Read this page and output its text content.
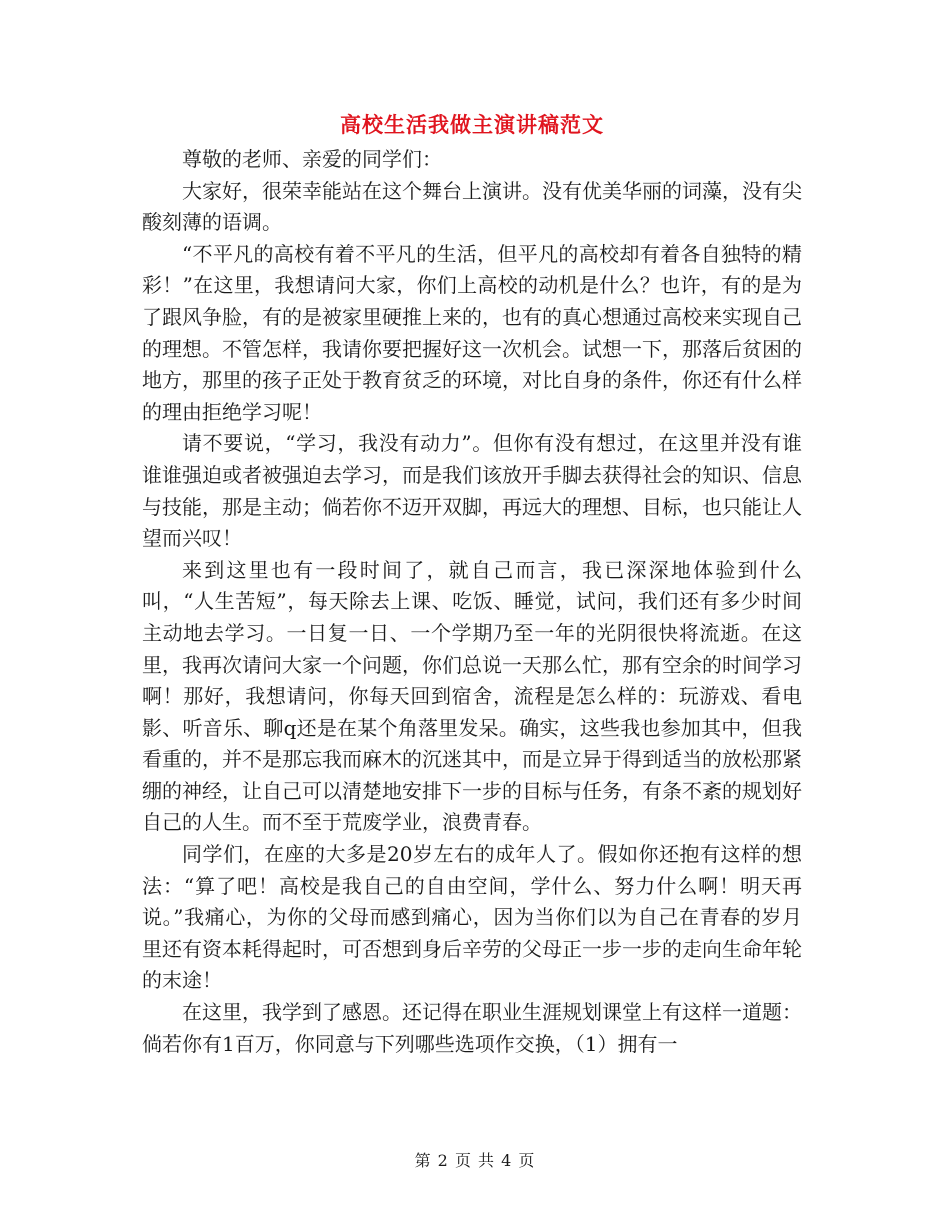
高校生活我做主演讲稿范文

尊敬的老师、亲爱的同学们：

大家好，很荣幸能站在这个舞台上演讲。没有优美华丽的词藻，没有尖酸刻薄的语调。

“不平凡的高校有着不平凡的生活，但平凡的高校却有着各自独特的精彩！”在这里，我想请问大家，你们上高校的动机是什么？也许，有的是为了跟风争脸，有的是被家里硬推上来的，也有的真心想通过高校来实现自己的理想。不管怎样，我请你要把握好这一次机会。试想一下，那落后贫困的地方，那里的孩子正处于教育贫乏的环境，对比自身的条件，你还有什么样的理由拒绝学习呢！

请不要说，“学习，我没有动力”。但你有没有想过，在这里并没有谁谁谁强迫或者被强迫去学习，而是我们该放开手脚去获得社会的知识、信息与技能，那是主动；倘若你不迈开双脚，再远大的理想、目标，也只能让人望而兴叹！

来到这里也有一段时间了，就自己而言，我已深深地体验到什么叫，“人生苦短”，每天除去上课、吃饭、睡觉，试问，我们还有多少时间主动地去学习。一日复一日、一个学期乃至一年的光阴很快将流逝。在这里，我再次请问大家一个问题，你们总说一天那么忙，那有空余的时间学习啊！那好，我想请问，你每天回到宿舍，流程是怎么样的：玩游戏、看电影、听音乐、聊q还是在某个角落里发呆。确实，这些我也参加其中，但我看重的，并不是那忘我而麻木的沉迷其中，而是立异于得到适当的放松那紧绷的神经，让自己可以清楚地安排下一步的目标与任务，有条不紊的规划好自己的人生。而不至于荒废学业，浪费青春。

同学们，在座的大多是20岁左右的成年人了。假如你还抱有这样的想法：“算了吧！高校是我自己的自由空间，学什么、努力什么啊！明天再说。”我痛心，为你的父母而感到痛心，因为当你们以为自己在青春的岁月里还有资本耗得起时，可否想到身后辛劳的父母正一步一步的走向生命年轮的末途！

在这里，我学到了感恩。还记得在职业生涯规划课堂上有这样一道题：倘若你有1百万，你同意与下列哪些选项作交换，（1）拥有一

第 2 页 共 4 页
